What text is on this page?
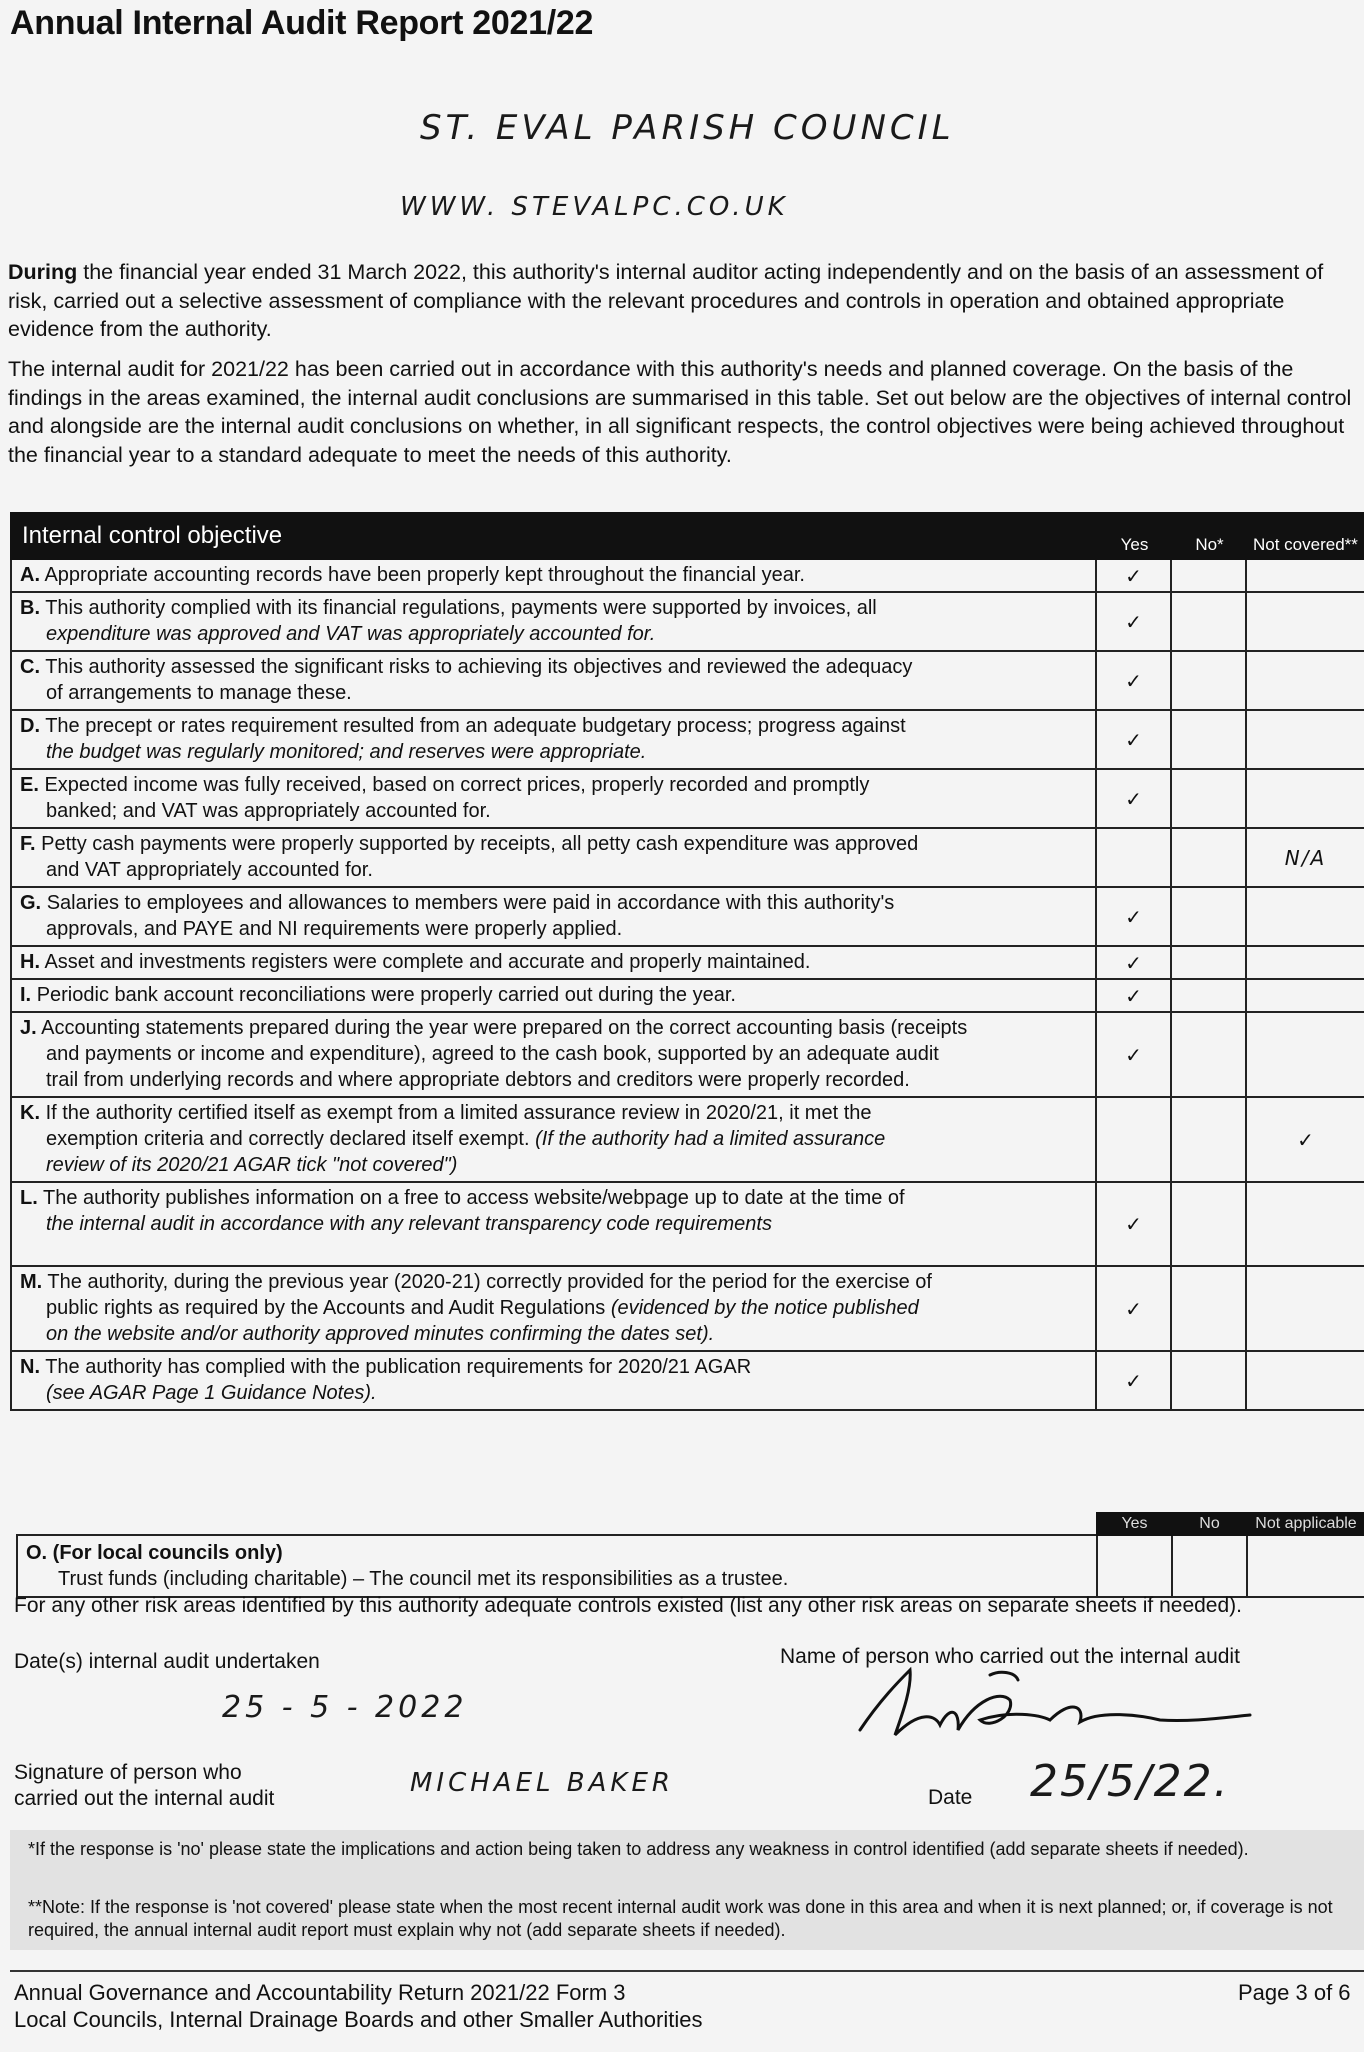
Annual Internal Audit Report 2021/22
ST. EVAL PARISH COUNCIL
WWW. STEVALPC.CO.UK
During the financial year ended 31 March 2022, this authority's internal auditor acting independently and on the basis of an assessment of risk, carried out a selective assessment of compliance with the relevant procedures and controls in operation and obtained appropriate evidence from the authority.
The internal audit for 2021/22 has been carried out in accordance with this authority's needs and planned coverage. On the basis of the findings in the areas examined, the internal audit conclusions are summarised in this table. Set out below are the objectives of internal control and alongside are the internal audit conclusions on whether, in all significant respects, the control objectives were being achieved throughout the financial year to a standard adequate to meet the needs of this authority.
Internal control objective	Yes	No*	Not covered**
A. Appropriate accounting records have been properly kept throughout the financial year.	✓		
B. This authority complied with its financial regulations, payments were supported by invoices, all
expenditure was approved and VAT was appropriately accounted for.	✓		
C. This authority assessed the significant risks to achieving its objectives and reviewed the adequacy
of arrangements to manage these.	✓		
D. The precept or rates requirement resulted from an adequate budgetary process; progress against
the budget was regularly monitored; and reserves were appropriate.	✓		
E. Expected income was fully received, based on correct prices, properly recorded and promptly
banked; and VAT was appropriately accounted for.	✓		
F. Petty cash payments were properly supported by receipts, all petty cash expenditure was approved
and VAT appropriately accounted for.			N/A
G. Salaries to employees and allowances to members were paid in accordance with this authority's
approvals, and PAYE and NI requirements were properly applied.	✓		
H. Asset and investments registers were complete and accurate and properly maintained.	✓		
I. Periodic bank account reconciliations were properly carried out during the year.	✓		
J. Accounting statements prepared during the year were prepared on the correct accounting basis (receipts
and payments or income and expenditure), agreed to the cash book, supported by an adequate audit
trail from underlying records and where appropriate debtors and creditors were properly recorded.	✓		
K. If the authority certified itself as exempt from a limited assurance review in 2020/21, it met the
exemption criteria and correctly declared itself exempt. (If the authority had a limited assurance
review of its 2020/21 AGAR tick "not covered")			✓
L. The authority publishes information on a free to access website/webpage up to date at the time of
the internal audit in accordance with any relevant transparency code requirements	✓		
M. The authority, during the previous year (2020-21) correctly provided for the period for the exercise of
public rights as required by the Accounts and Audit Regulations (evidenced by the notice published
on the website and/or authority approved minutes confirming the dates set).	✓		
N. The authority has complied with the publication requirements for 2020/21 AGAR
(see AGAR Page 1 Guidance Notes).	✓		
	Yes	No	Not applicable
O. (For local councils only)

Trust funds (including charitable) – The council met its responsibilities as a trustee.			

For any other risk areas identified by this authority adequate controls existed (list any other risk areas on separate sheets if needed).
Date(s) internal audit undertaken	Name of person who carried out the internal audit
25 - 5 - 2022
Signature of person who
carried out the internal audit
MICHAEL BAKER	Date 25/5/22.
*If the response is 'no' please state the implications and action being taken to address any weakness in control identified (add separate sheets if needed).
**Note: If the response is 'not covered' please state when the most recent internal audit work was done in this area and when it is next planned; or, if coverage is not required, the annual internal audit report must explain why not (add separate sheets if needed).
Annual Governance and Accountability Return 2021/22 Form 3
Local Councils, Internal Drainage Boards and other Smaller Authorities
Page 3 of 6
